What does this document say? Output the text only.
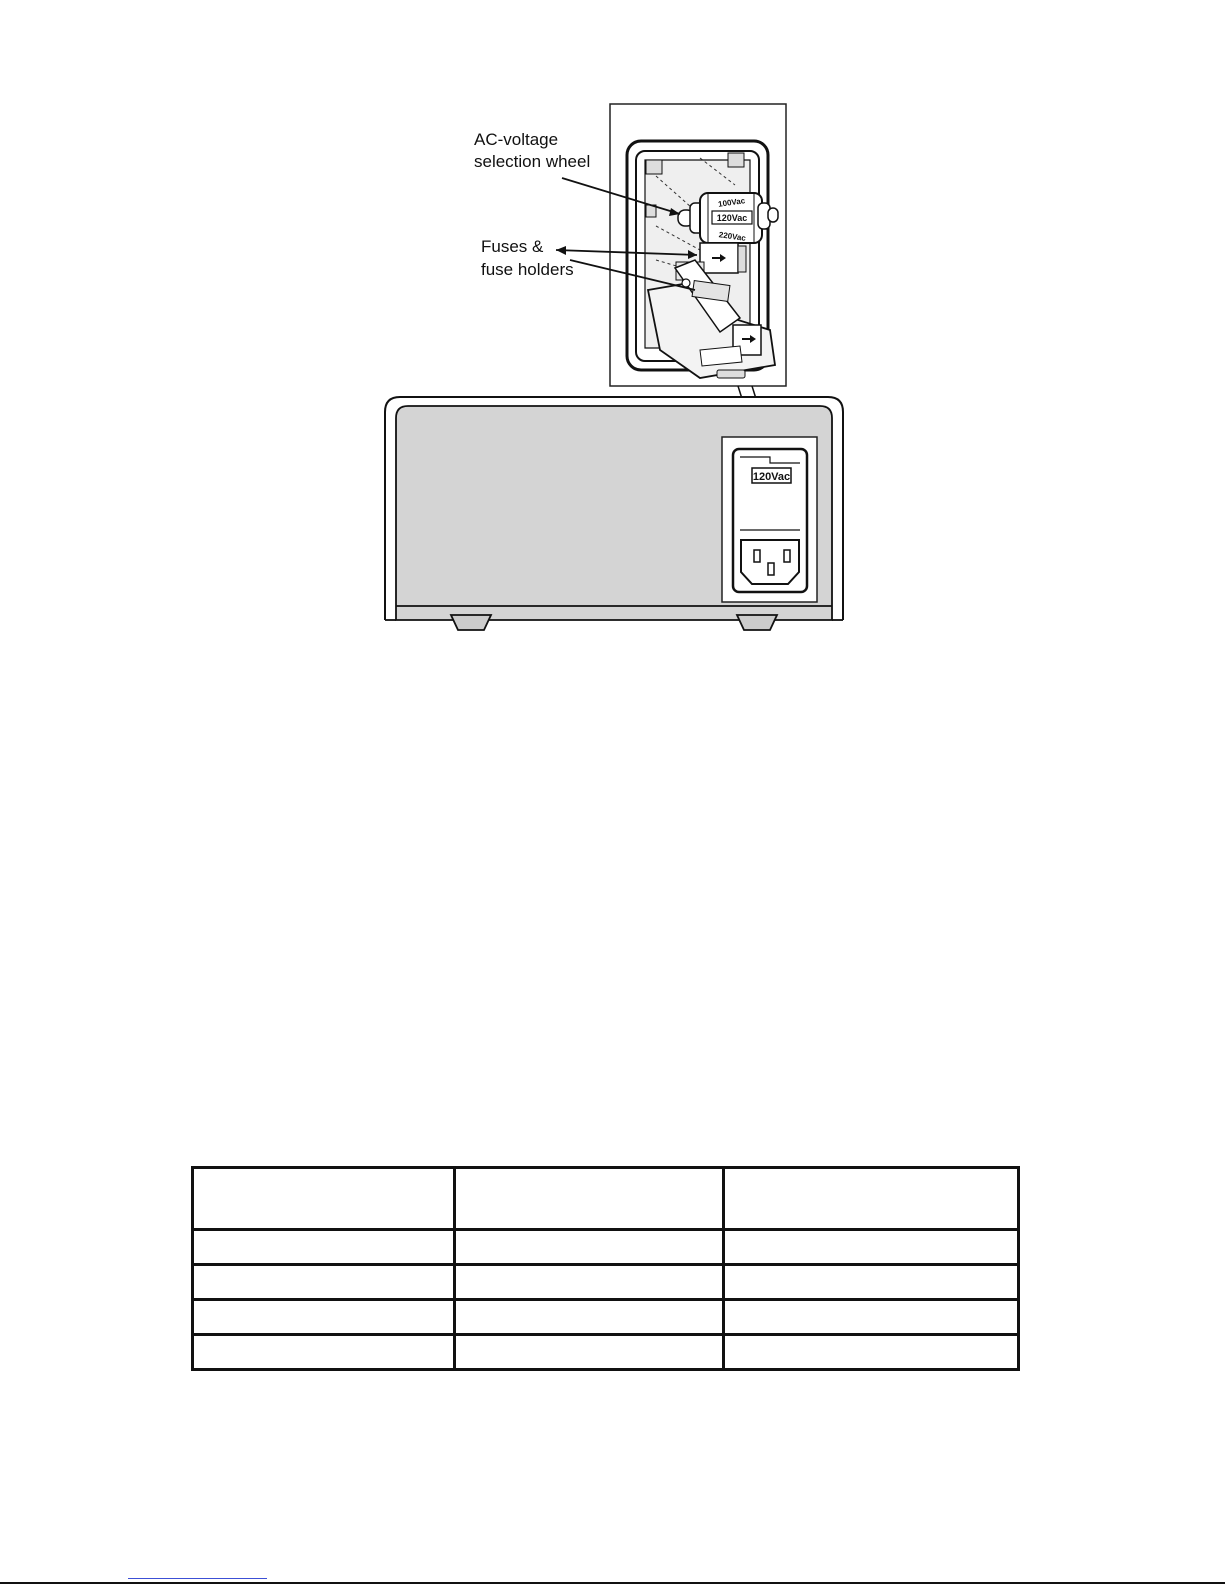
100Vac
120Vac
220Vac
AC-voltage
selection wheel
Fuses &
fuse holders
120Vac
